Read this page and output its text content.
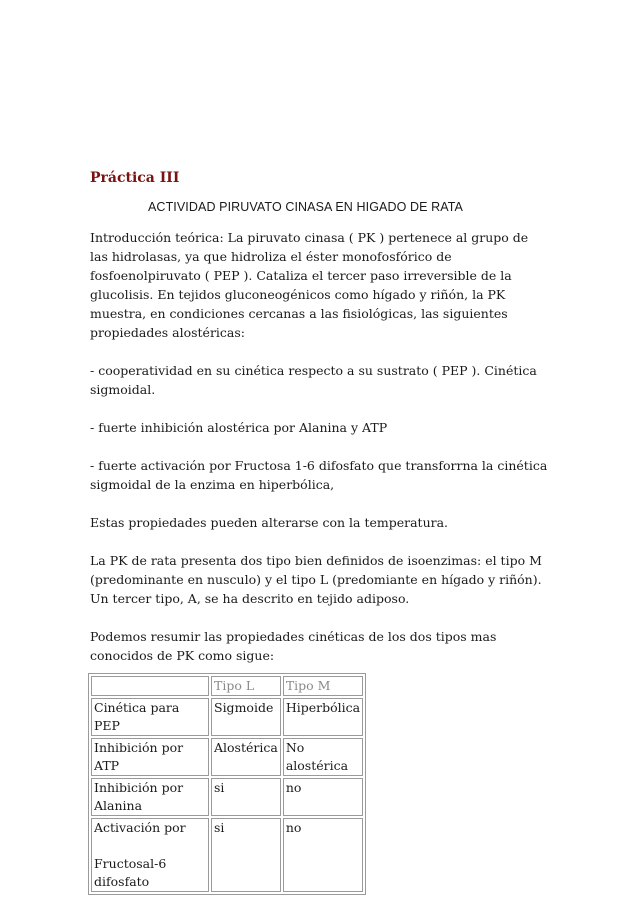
Práctica III
ACTIVIDAD PIRUVATO CINASA EN HIGADO DE RATA

Introducción teórica: La piruvato cinasa ( PK ) pertenece al grupo de las hidrolasas, ya que hidroliza el éster monofosfórico de fosfoenolpiruvato ( PEP ). Cataliza el tercer paso irreversible de la glucolisis. En tejidos gluconeogénicos como hígado y riñón, la PK muestra, en condiciones cercanas a las fisiológicas, las siguientes propiedades alostéricas:

- cooperatividad en su cinética respecto a su sustrato ( PEP ). Cinética sigmoidal.

- fuerte inhibición alostérica por Alanina y ATP

- fuerte activación por Fructosa 1-6 difosfato que transforrna la cinética sigmoidal de la enzima en hiperbólica,

Estas propiedades pueden alterarse con la temperatura.

La PK de rata presenta dos tipo bien definidos de isoenzimas: el tipo M (predominante en nusculo) y el tipo L (predomiante en hígado y riñón). Un tercer tipo, A, se ha descrito en tejido adiposo.

Podemos resumir las propiedades cinéticas de los dos tipos mas conocidos de PK como sigue:

	Tipo L	Tipo M
Cinética para PEP	Sigmoide	Hiperbólica
Inhibición por ATP	Alostérica	No alostérica
Inhibición por Alanina	si	no

Activación por
Fructosal-6 difosfato	si	no
